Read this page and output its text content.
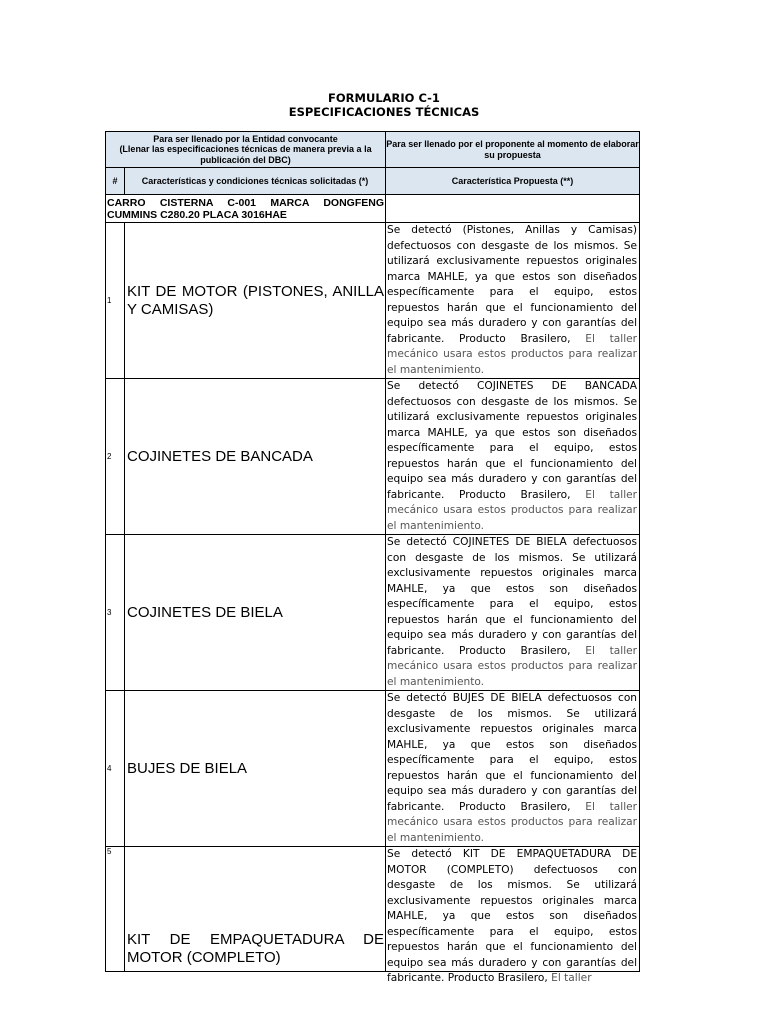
FORMULARIO C-1
ESPECIFICACIONES TÉCNICAS
Para ser llenado por la Entidad convocante
(Llenar las especificaciones técnicas de manera previa a la publicación del DBC)		Para ser llenado por el proponente al momento de elaborar su propuesta
#	Características y condiciones técnicas solicitadas (*)	Característica Propuesta (**)

CARRO CISTERNA C-001 MARCA DONGFENG
CUMMINS C280.20 PLACA 3016HAE		

1	KIT DE MOTOR (PISTONES, ANILLA Y CAMISAS)	Se detectó (Pistones, Anillas y Camisas) defectuosos con desgaste de los mismos. Se utilizará exclusivamente repuestos originales marca MAHLE, ya que estos son diseñados específicamente para el equipo, estos repuestos harán que el funcionamiento del equipo sea más duradero y con garantías del fabricante. Producto Brasilero, El taller mecánico usara estos productos para realizar el mantenimiento.
2	COJINETES DE BANCADA	Se detectó COJINETES DE BANCADA defectuosos con desgaste de los mismos. Se utilizará exclusivamente repuestos originales marca MAHLE, ya que estos son diseñados específicamente para el equipo, estos repuestos harán que el funcionamiento del equipo sea más duradero y con garantías del fabricante. Producto Brasilero, El taller mecánico usara estos productos para realizar el mantenimiento.
3	COJINETES DE BIELA	Se detectó COJINETES DE BIELA defectuosos con desgaste de los mismos. Se utilizará exclusivamente repuestos originales marca MAHLE, ya que estos son diseñados específicamente para el equipo, estos repuestos harán que el funcionamiento del equipo sea más duradero y con garantías del fabricante. Producto Brasilero, El taller mecánico usara estos productos para realizar el mantenimiento.
4	BUJES DE BIELA	Se detectó BUJES DE BIELA defectuosos con desgaste de los mismos. Se utilizará exclusivamente repuestos originales marca MAHLE, ya que estos son diseñados específicamente para el equipo, estos repuestos harán que el funcionamiento del equipo sea más duradero y con garantías del fabricante. Producto Brasilero, El taller mecánico usara estos productos para realizar el mantenimiento.
5	KIT DE EMPAQUETADURA DE MOTOR (COMPLETO)	Se detectó KIT DE EMPAQUETADURA DE MOTOR (COMPLETO) defectuosos con desgaste de los mismos. Se utilizará exclusivamente repuestos originales marca MAHLE, ya que estos son diseñados específicamente para el equipo, estos repuestos harán que el funcionamiento del equipo sea más duradero y con garantías del fabricante. Producto Brasilero, El taller
